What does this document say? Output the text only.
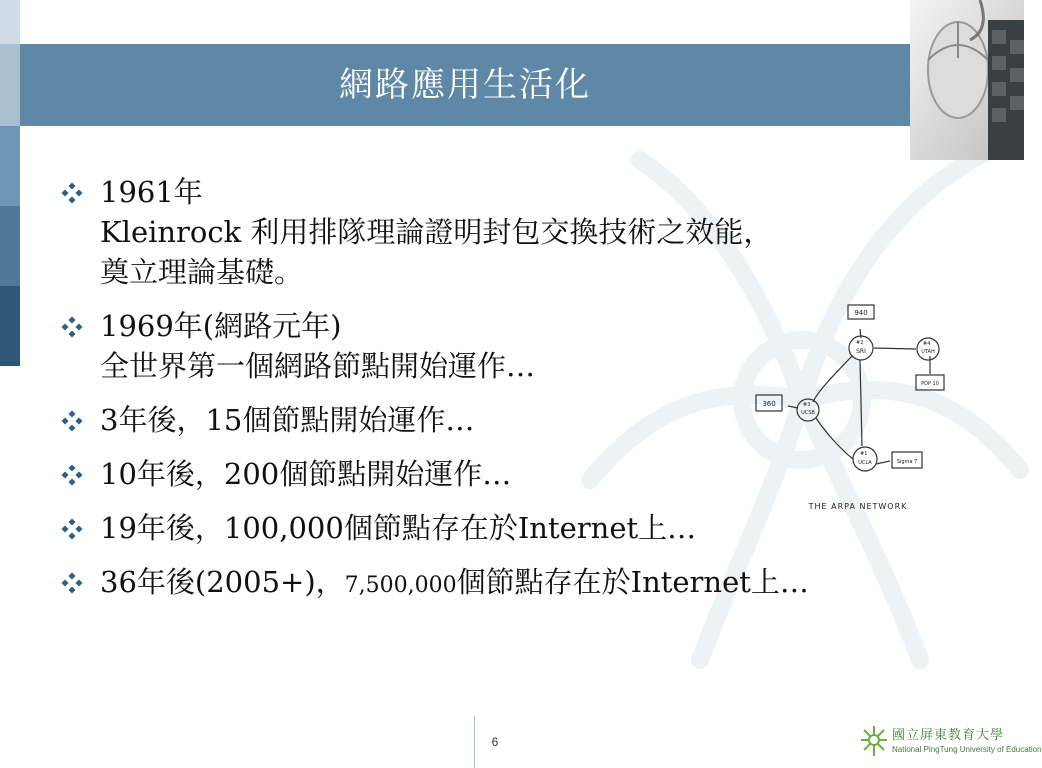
網路應用生活化
1961年
Kleinrock 利用排隊理論證明封包交換技術之效能，
奠立理論基礎。
1969年(網路元年)
全世界第一個網路節點開始運作…
3年後，15個節點開始運作…
10年後，200個節點開始運作…
19年後，100,000個節點存在於Internet上…
36年後(2005+)，7,500,000個節點存在於Internet上…
940
#2
SRI
#4
UTAH
PDP 10
360	#3
UCSB
#1
UCLA	Sigma 7
THE ARPA NETWORK
6	國立屏東教育大學
National PingTung University of Education
